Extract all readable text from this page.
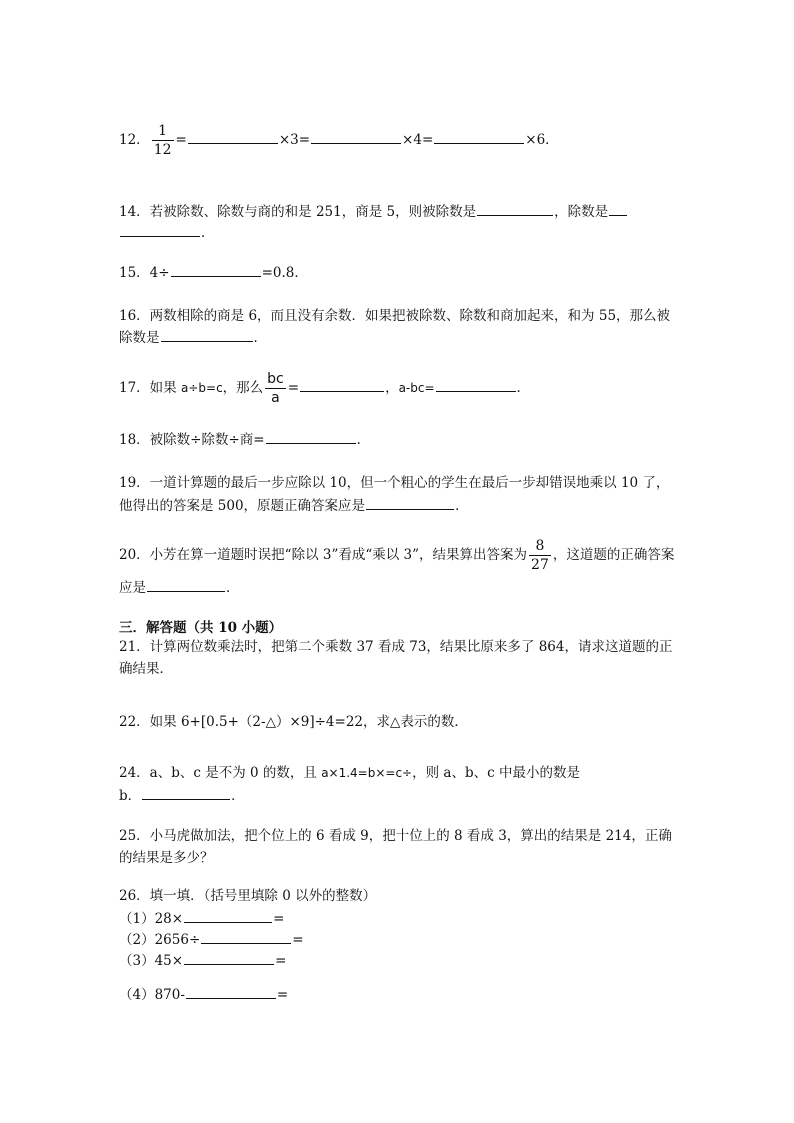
12． $\frac{1}{12}$ =	×3=	×4=	×6．
14．若被除数、除数与商的和是 251，商是 5，则被除数是	，除数是
．
15．4÷	=0.8．
16．两数相除的商是 6，而且没有余数．如果把被除数、除数和商加起来，和为 55，那么被
除数是	．
17．如果 a÷b=c，那么 $\frac{bc}{a}$ =	，a-bc=	．
18．被除数÷除数÷商=	．
19．一道计算题的最后一步应除以 10，但一个粗心的学生在最后一步却错误地乘以 10 了，
他得出的答案是 500，原题正确答案应是	．
20．小芳在算一道题时误把“除以 3”看成“乘以 3”，结果算出答案为 $\frac{8}{27}$ ，这道题的正确答案
应是	．
三．解答题（共 10 小题）
21．计算两位数乘法时，把第二个乘数 37 看成 73，结果比原来多了 864，请求这道题的正
确结果．
22．如果 6+[0.5+（2-△）×9]÷4=22，求△表示的数．
24．a、b、c 是不为 0 的数，且 a×1.4=b×=c÷，则 a、b、c 中最小的数是
b．	．
25．小马虎做加法，把个位上的 6 看成 9，把十位上的 8 看成 3，算出的结果是 214，正确
的结果是多少？
26．填一填．（括号里填除 0 以外的整数）
（1）28×	=
（2）2656÷	=
（3）45×	=
（4）870-	=
